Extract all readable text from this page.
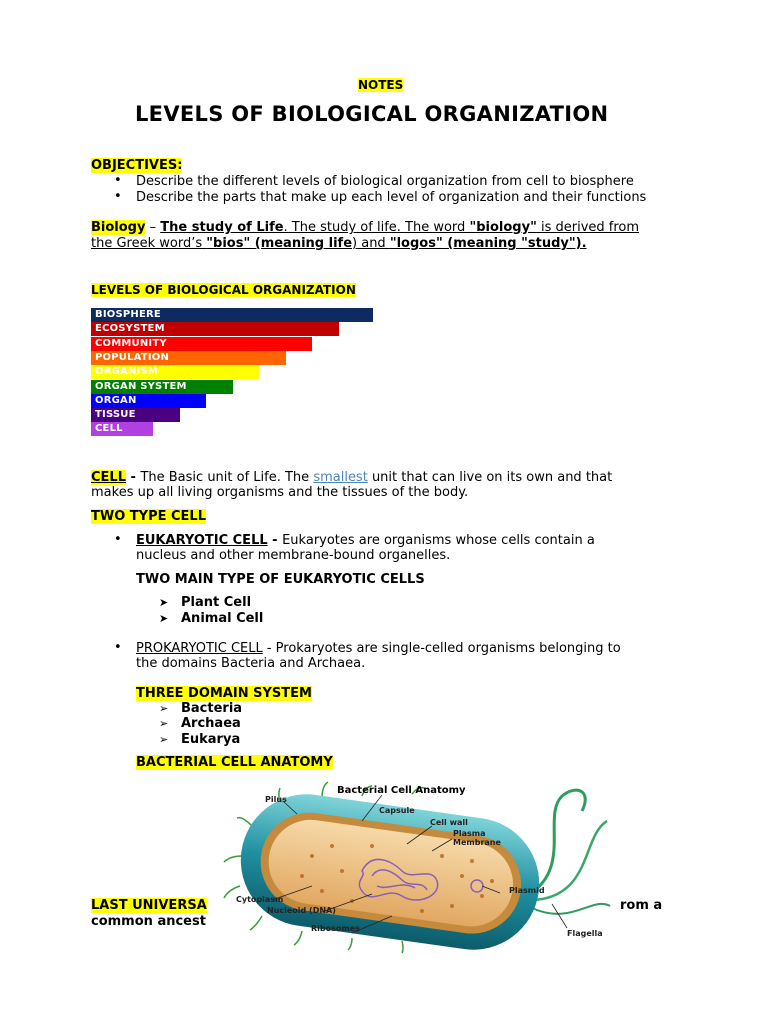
NOTES
LEVELS OF BIOLOGICAL ORGANIZATION
OBJECTIVES:
• Describe the different levels of biological organization from cell to biosphere
• Describe the parts that make up each level of organization and their functions
Biology – The study of Life. The study of life. The word "biology" is derived from
the Greek word’s "bios" (meaning life) and "logos" (meaning "study").
LEVELS OF BIOLOGICAL ORGANIZATION
BIOSPHERE
ECOSYSTEM
COMMUNITY
POPULATION
ORGANISM
ORGAN SYSTEM
ORGAN
TISSUE
CELL
CELL - The Basic unit of Life. The smallest unit that can live on its own and that
makes up all living organisms and the tissues of the body.
TWO TYPE CELL
• EUKARYOTIC CELL - Eukaryotes are organisms whose cells contain a
nucleus and other membrane-bound organelles.
TWO MAIN TYPE OF EUKARYOTIC CELLS
➤ Plant Cell
➤ Animal Cell
• PROKARYOTIC CELL - Prokaryotes are single-celled organisms belonging to
the domains Bacteria and Archaea.
THREE DOMAIN SYSTEM
➢ Bacteria
➢ Archaea
➢ Eukarya
BACTERIAL CELL ANATOMY
LAST UNIVERSA	rom a
common ancest
Bacterial Cell Anatomy
Pilus
Capsule
Cell wall
Plasma
Membrane
Plasmid
Cytoplasm
Nucleoid (DNA)
Ribosomes
Flagella
